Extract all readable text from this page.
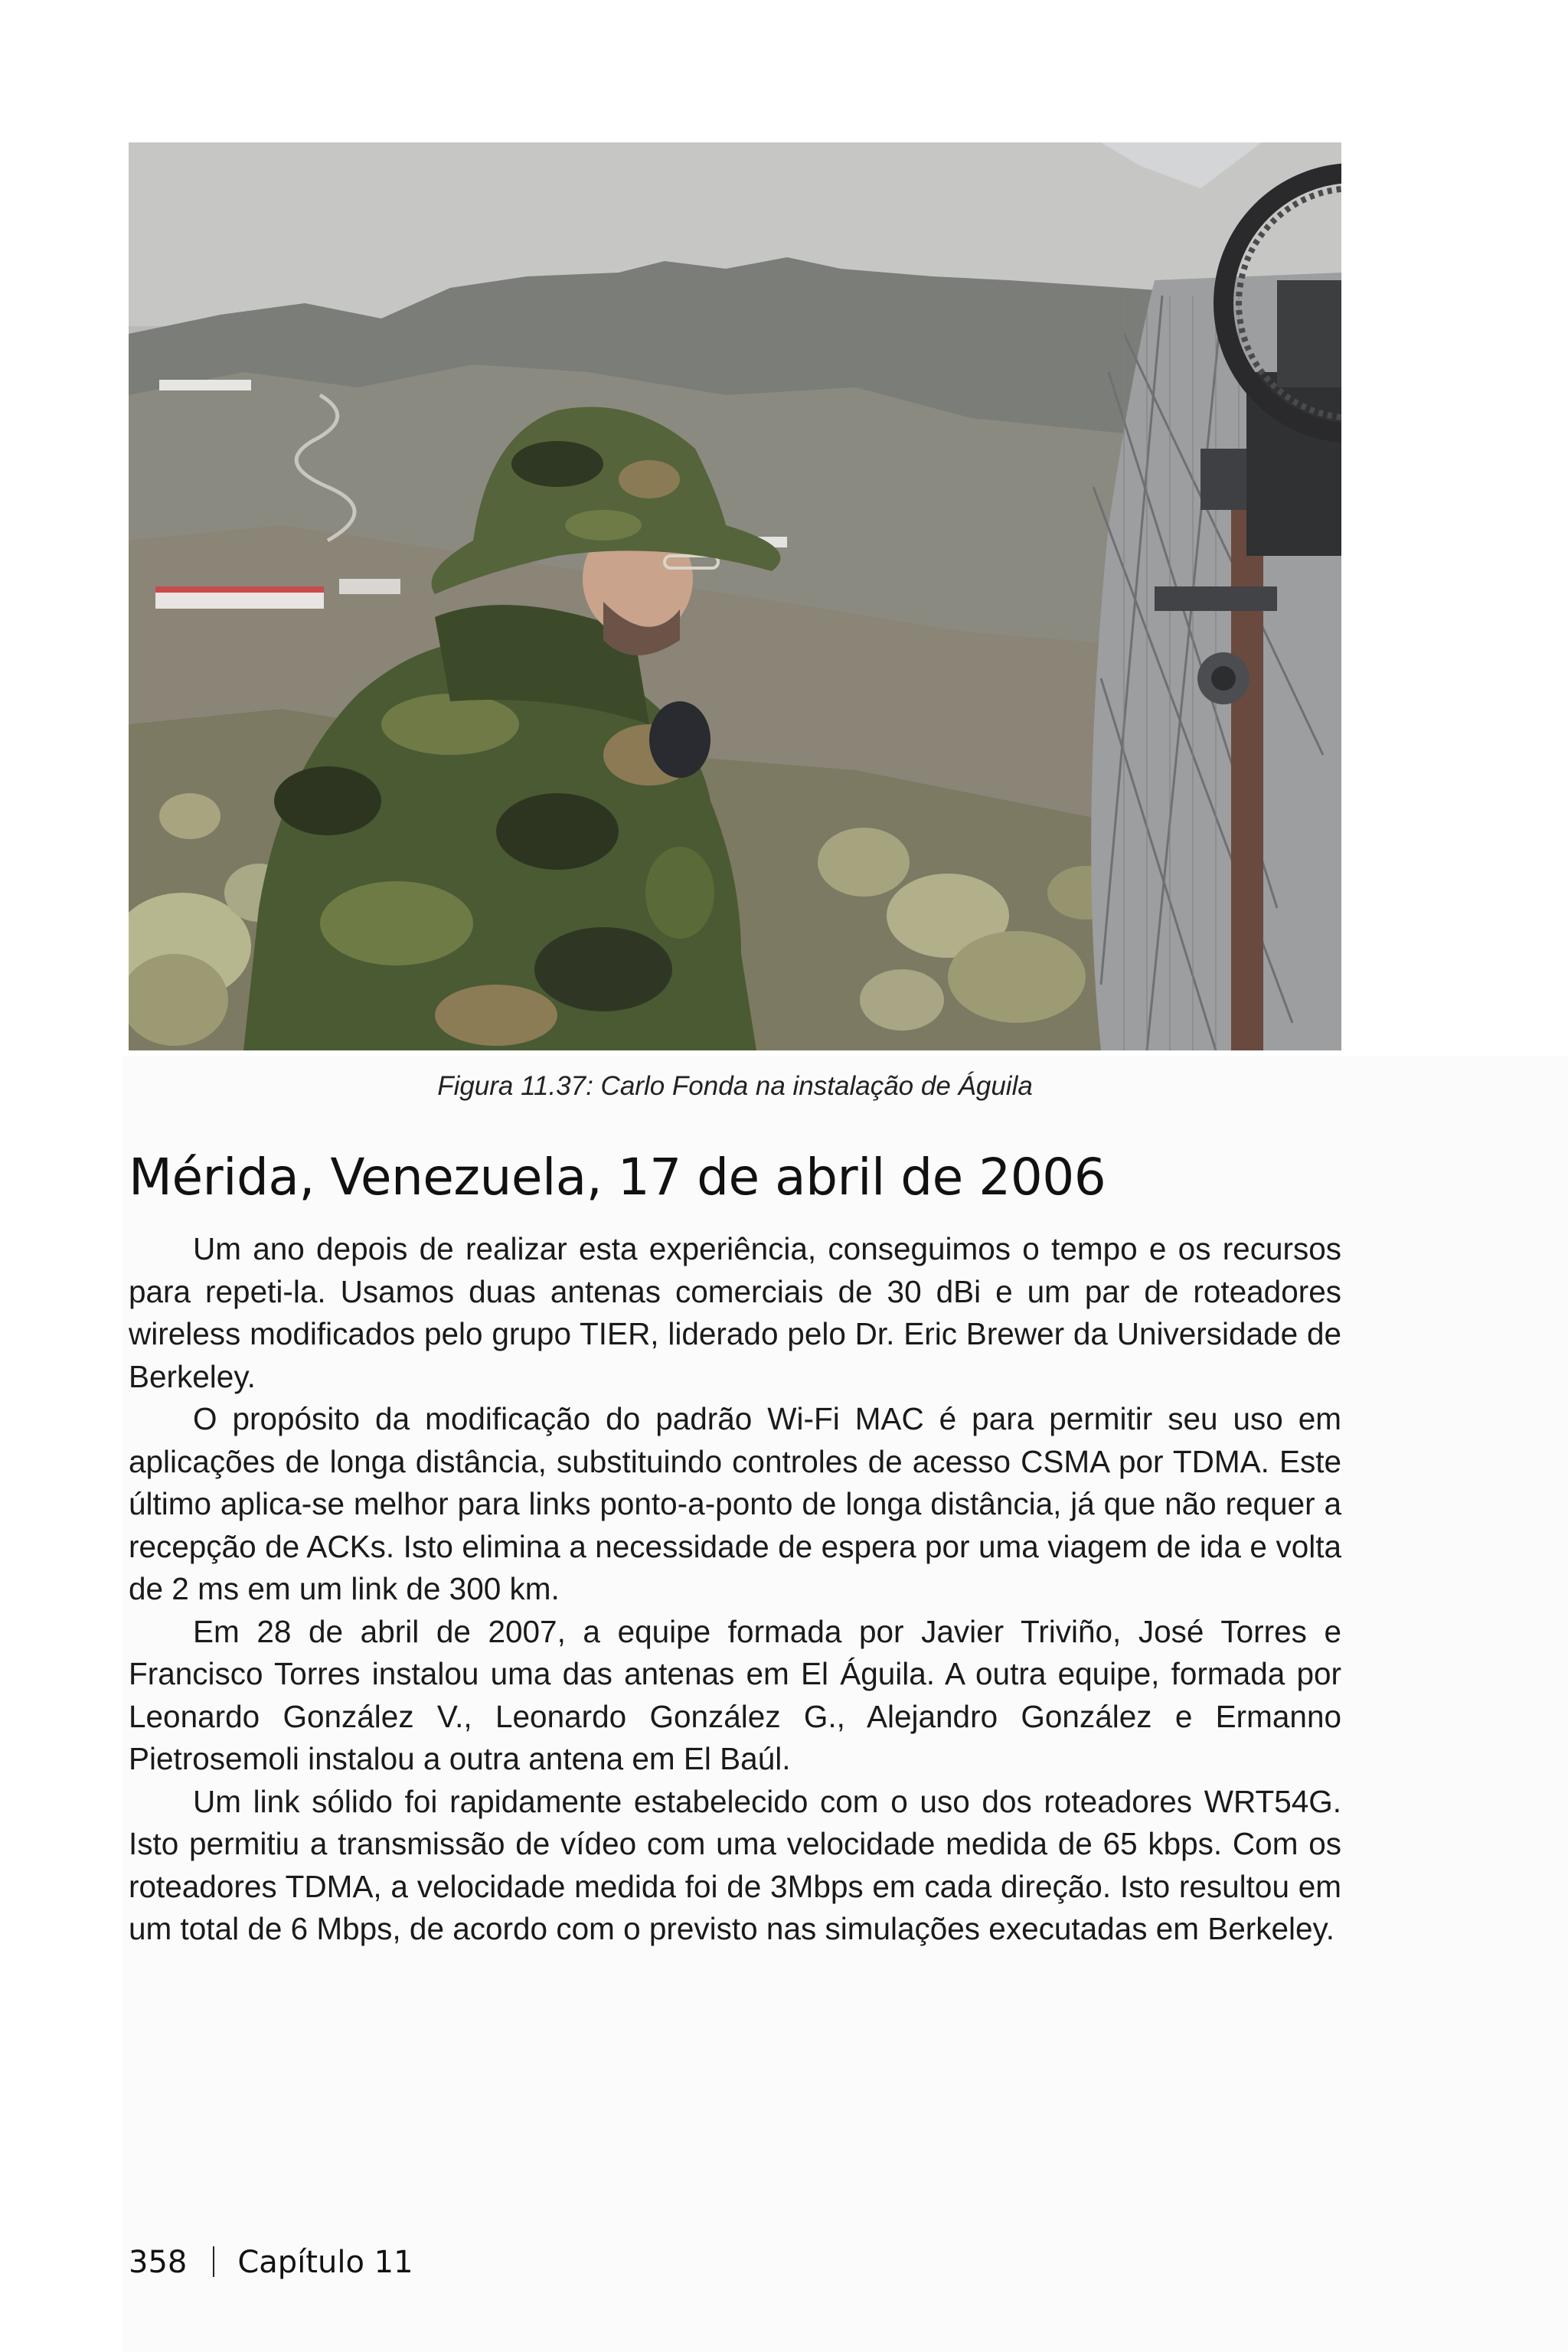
Figura 11.37: Carlo Fonda na instalação de Águila
Mérida, Venezuela, 17 de abril de 2006

Um ano depois de realizar esta experiência, conseguimos o tempo e os recursos para repeti-la. Usamos duas antenas comerciais de 30 dBi e um par de roteadores wireless modificados pelo grupo TIER, liderado pelo Dr. Eric Brewer da Universidade de Berkeley.

O propósito da modificação do padrão Wi-Fi MAC é para permitir seu uso em aplicações de longa distância, substituindo controles de acesso CSMA por TDMA. Este último aplica-se melhor para links ponto-a-ponto de longa distância, já que não requer a recepção de ACKs. Isto elimina a necessidade de espera por uma viagem de ida e volta de 2 ms em um link de 300 km.

Em 28 de abril de 2007, a equipe formada por Javier Triviño, José Torres e Francisco Torres instalou uma das antenas em El Águila. A outra equipe, formada por Leonardo González V., Leonardo González G., Alejandro González e Ermanno Pietrosemoli instalou a outra antena em El Baúl.

Um link sólido foi rapidamente estabelecido com o uso dos roteadores WRT54G. Isto permitiu a transmissão de vídeo com uma velocidade medida de 65 kbps. Com os roteadores TDMA, a velocidade medida foi de 3Mbps em cada direção. Isto resultou em um total de 6 Mbps, de acordo com o previsto nas simulações executadas em Berkeley.

358 Capítulo 11
